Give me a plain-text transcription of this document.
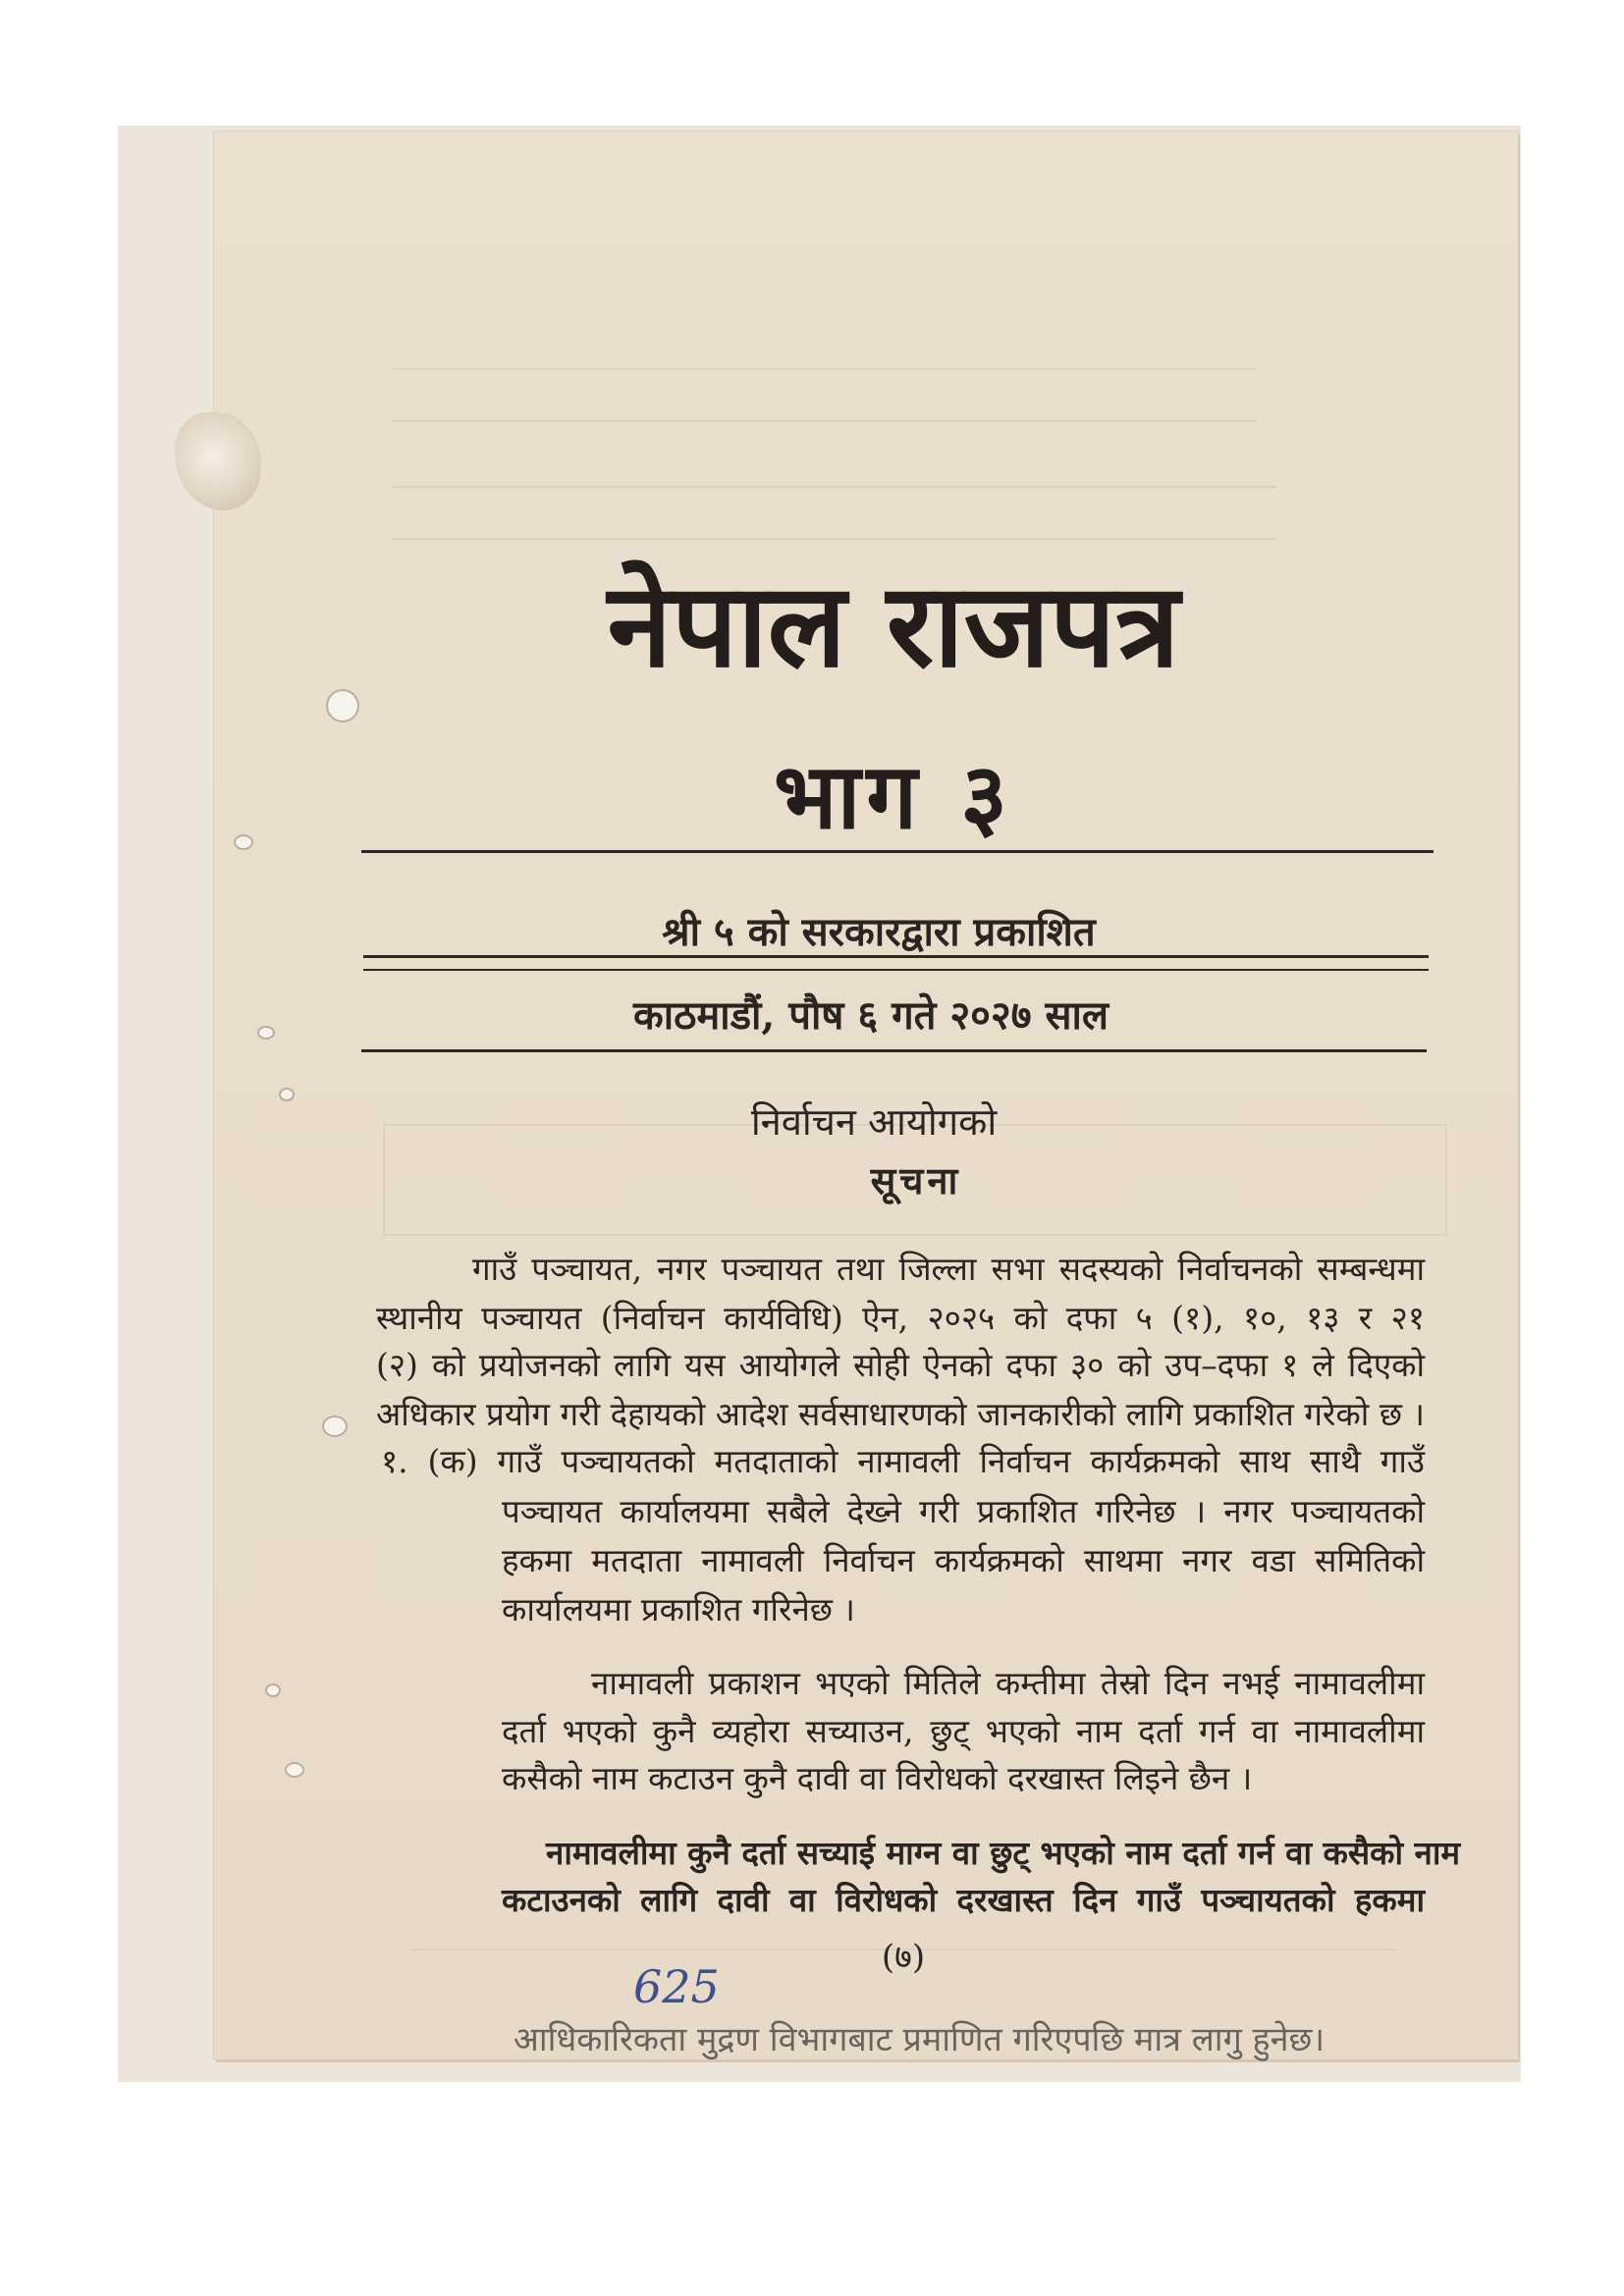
नेपाल राजपत्र
भाग ३
श्री ५ को सरकारद्वारा प्रकाशित
काठमाडौं, पौष ६ गते २०२७ साल
निर्वाचन आयोगको
सूचना
गाउँ पञ्चायत, नगर पञ्चायत तथा जिल्ला सभा सदस्यको निर्वाचनको सम्बन्धमा
स्थानीय पञ्चायत (निर्वाचन कार्यविधि) ऐन, २०२५ को दफा ५ (१), १०, १३ र २१
(२) को प्रयोजनको लागि यस आयोगले सोही ऐनको दफा ३० को उप–दफा १ ले दिएको
अधिकार प्रयोग गरी देहायको आदेश सर्वसाधारणको जानकारीको लागि प्रकाशित गरेको छ ।
१. (क) गाउँ पञ्चायतको मतदाताको नामावली निर्वाचन कार्यक्रमको साथ साथै गाउँ
पञ्चायत कार्यालयमा सबैले देख्ने गरी प्रकाशित गरिनेछ । नगर पञ्चायतको
हकमा मतदाता नामावली निर्वाचन कार्यक्रमको साथमा नगर वडा समितिको
कार्यालयमा प्रकाशित गरिनेछ ।
नामावली प्रकाशन भएको मितिले कम्तीमा तेस्रो दिन नभई नामावलीमा
दर्ता भएको कुनै व्यहोरा सच्याउन, छुट् भएको नाम दर्ता गर्न वा नामावलीमा
कसैको नाम कटाउन कुनै दावी वा विरोधको दरखास्त लिइने छैन ।
नामावलीमा कुनै दर्ता सच्याई माग्न वा छुट् भएको नाम दर्ता गर्न वा कसैको नाम
कटाउनको लागि दावी वा विरोधको दरखास्त दिन गाउँ पञ्चायतको हकमा
(७)
625
आधिकारिकता मुद्रण विभागबाट प्रमाणित गरिएपछि मात्र लागु हुनेछ।
